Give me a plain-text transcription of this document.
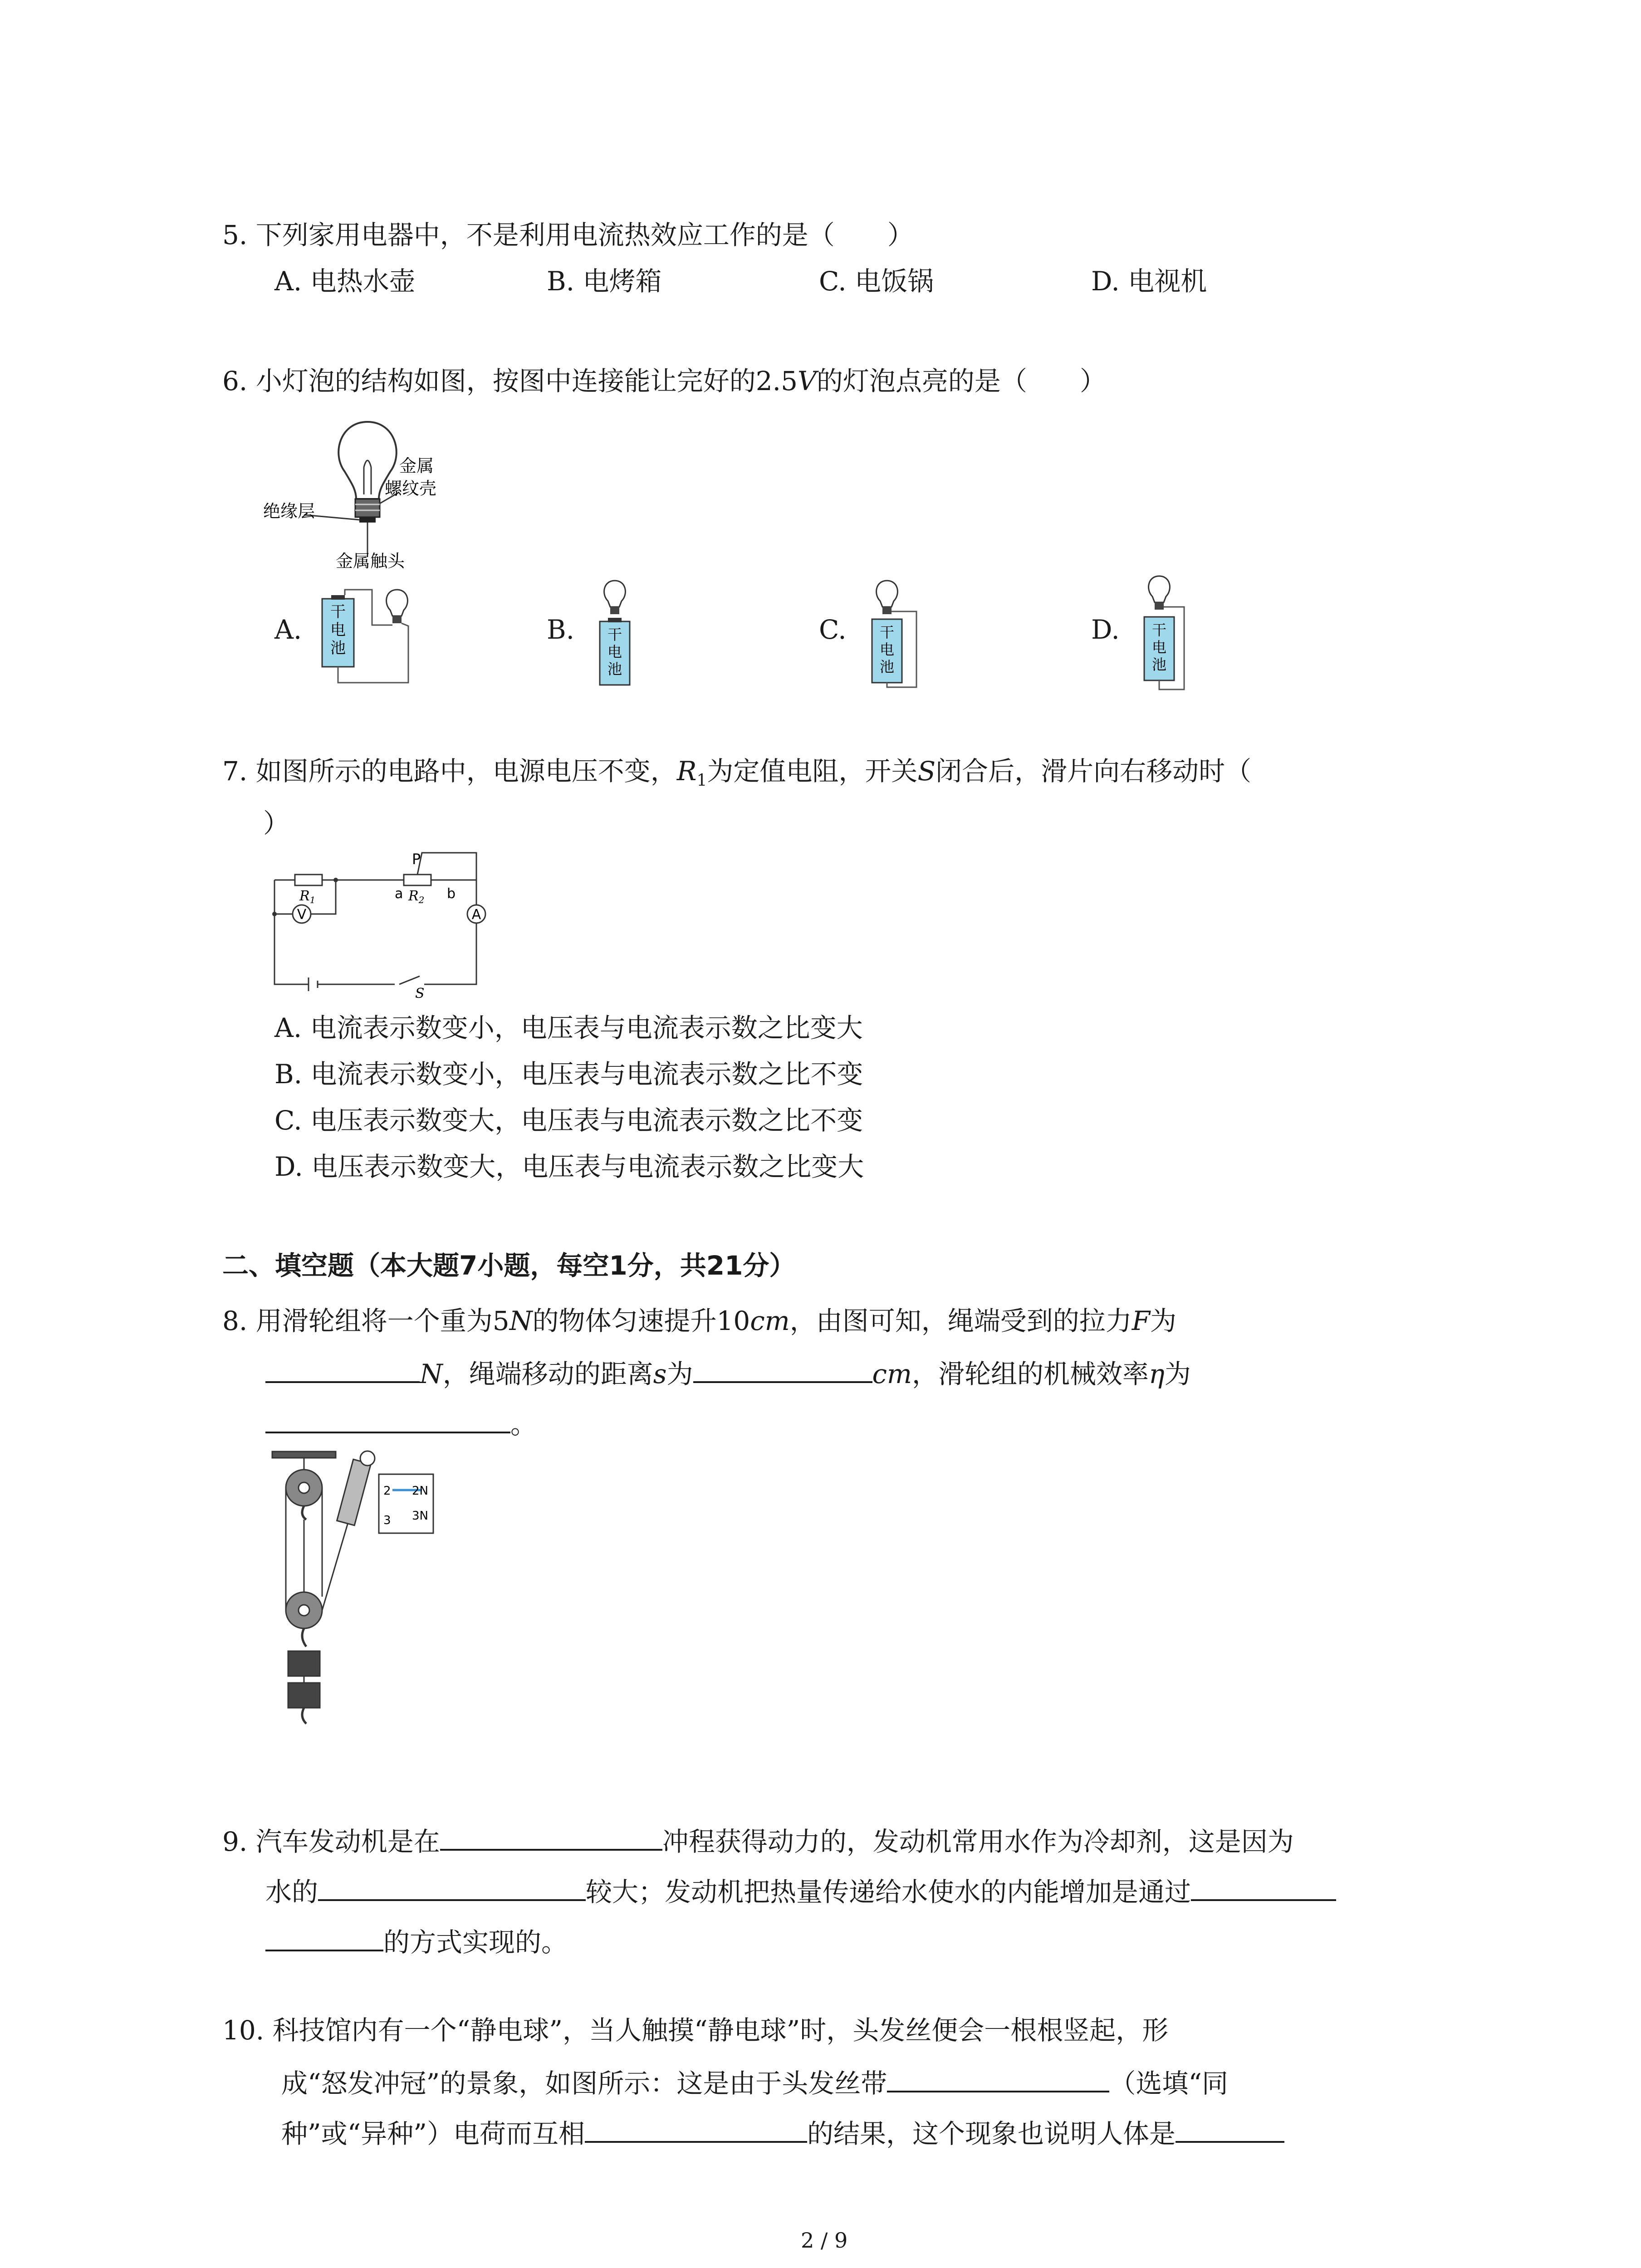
5. 下列家用电器中，不是利用电流热效应工作的是（　　）
A. 电热水壶	B. 电烤箱	C. 电饭锅	D. 电视机
6. 小灯泡的结构如图，按图中连接能让完好的2.5V的灯泡点亮的是（　　）
金属
螺纹壳
绝缘层
金属触头
A.
干
电
池
B. 干
电
池
C. 干
电
池
D. 干
电
池
7. 如图所示的电路中，电源电压不变，$R_1$为定值电阻，开关S闭合后，滑片向右移动时（
）
P
a	b
$R_1$	$R_2$
V	A
S
A. 电流表示数变小，电压表与电流表示数之比变大
B. 电流表示数变小，电压表与电流表示数之比不变
C. 电压表示数变大，电压表与电流表示数之比不变
D. 电压表示数变大，电压表与电流表示数之比变大
二、填空题（本大题7小题，每空1分，共21分）
8. 用滑轮组将一个重为5N的物体匀速提升10cm，由图可知，绳端受到的拉力F为
N，绳端移动的距离s为	cm，滑轮组的机械效率η为
。
2 2N
3 3N
9. 汽车发动机是在	冲程获得动力的，发动机常用水作为冷却剂，这是因为
水的	较大；发动机把热量传递给水使水的内能增加是通过
的方式实现的。
10. 科技馆内有一个“静电球”，当人触摸“静电球”时，头发丝便会一根根竖起，形
成“怒发冲冠”的景象，如图所示：这是由于头发丝带	（选填“同
种”或“异种”）电荷而互相	的结果，这个现象也说明人体是
2 / 9
